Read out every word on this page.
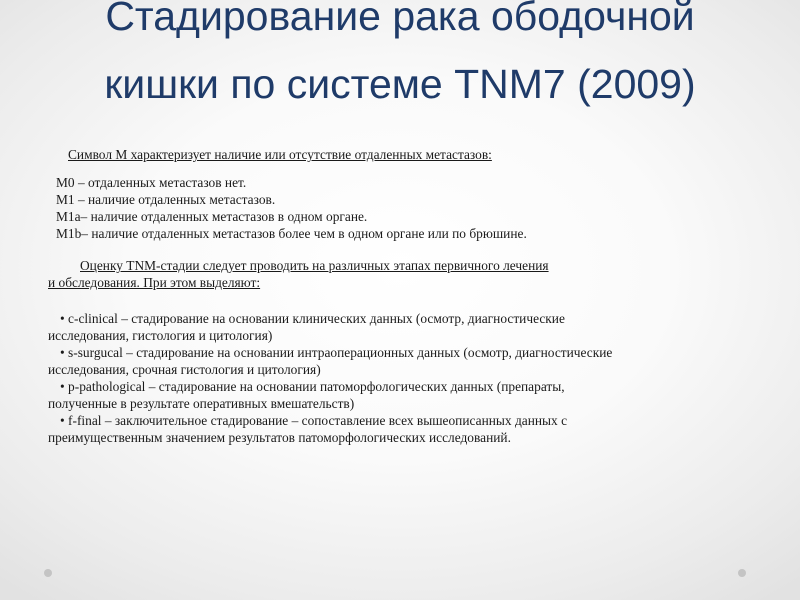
Стадирование рака ободочной
кишки по системе TNM7 (2009)
Символ М характеризует наличие или отсутствие отдаленных метастазов:
M0 – отдаленных метастазов нет.
M1 – наличие отдаленных метастазов.
M1a– наличие отдаленных метастазов в одном органе.
M1b– наличие отдаленных метастазов более чем в одном органе или по брюшине.
Оценку TNM-стадии следует проводить на различных этапах первичного лечения
и обследования. При этом выделяют:
• c-clinical – стадирование на основании клинических данных (осмотр, диагностические
исследования, гистология и цитология)
• s-surgucal – стадирование на основании интраоперационных данных (осмотр, диагностические
исследования, срочная гистология и цитология)
• p-pathological – стадирование на основании патоморфологических данных (препараты,
полученные в результате оперативных вмешательств)
• f-final – заключительное стадирование – сопоставление всех вышеописанных данных с
преимущественным значением результатов патоморфологических исследований.
